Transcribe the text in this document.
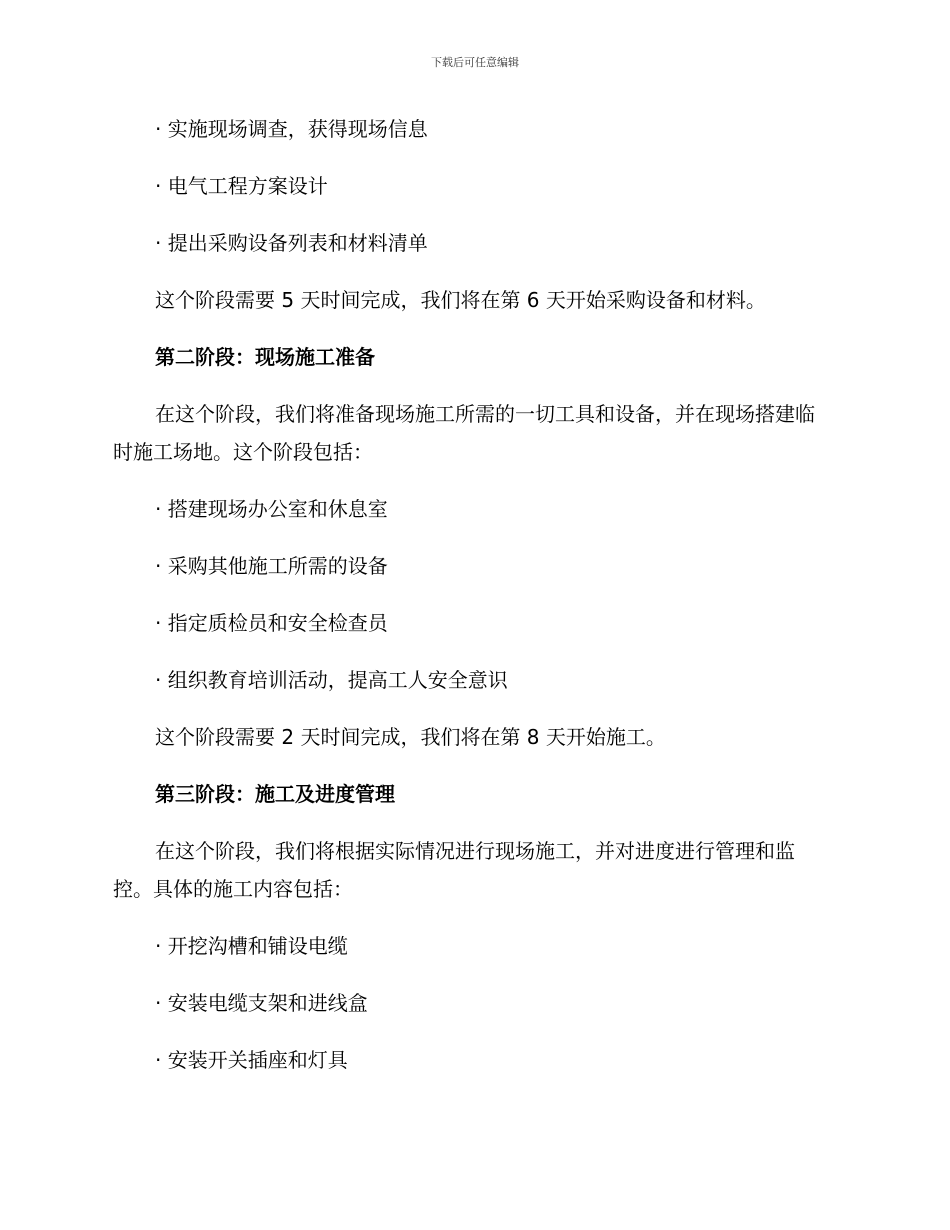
下载后可任意编辑

· 实施现场调查，获得现场信息

· 电气工程方案设计

· 提出采购设备列表和材料清单

这个阶段需要 5 天时间完成，我们将在第 6 天开始采购设备和材料。

第二阶段：现场施工准备

在这个阶段，我们将准备现场施工所需的一切工具和设备，并在现场搭建临时施工场地。这个阶段包括：

· 搭建现场办公室和休息室

· 采购其他施工所需的设备

· 指定质检员和安全检查员

· 组织教育培训活动，提高工人安全意识

这个阶段需要 2 天时间完成，我们将在第 8 天开始施工。

第三阶段：施工及进度管理

在这个阶段，我们将根据实际情况进行现场施工，并对进度进行管理和监控。具体的施工内容包括：

· 开挖沟槽和铺设电缆

· 安装电缆支架和进线盒

· 安装开关插座和灯具
